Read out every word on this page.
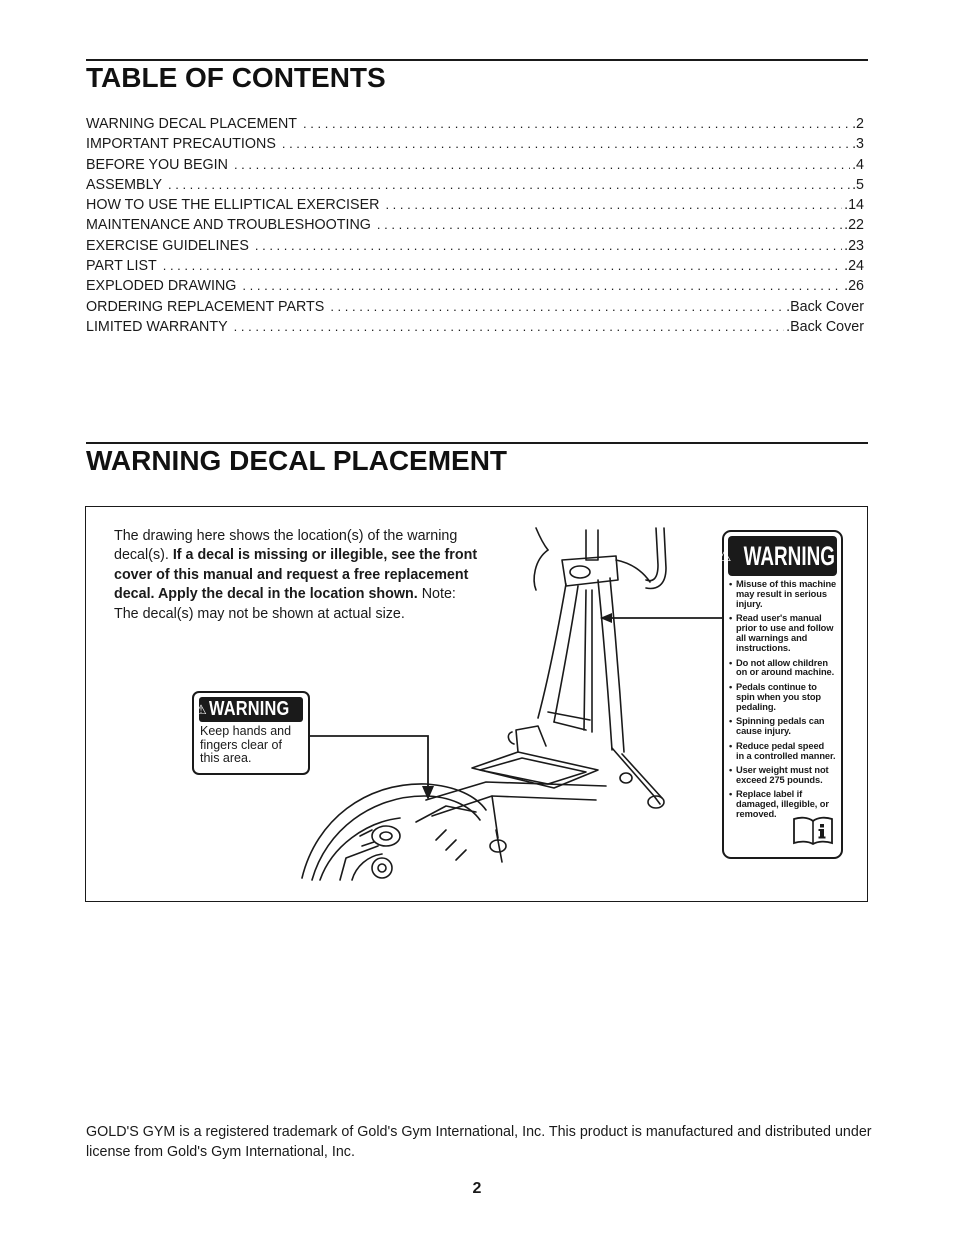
TABLE OF CONTENTS
WARNING DECAL PLACEMENT . . .	.2
IMPORTANT PRECAUTIONS . . .	.3
BEFORE YOU BEGIN . . .	.4
ASSEMBLY . . .	.5
HOW TO USE THE ELLIPTICAL EXERCISER . . .	.14
MAINTENANCE AND TROUBLESHOOTING . . .	.22
EXERCISE GUIDELINES . . .	.23
PART LIST . . .	.24
EXPLODED DRAWING . . .	.26
ORDERING REPLACEMENT PARTS . . .	.Back Cover
LIMITED WARRANTY . . .	.Back Cover
WARNING DECAL PLACEMENT

The drawing here shows the location(s) of the warning decal(s). If a decal is missing or illegible, see the front cover of this manual and request a free replacement decal. Apply the decal in the location shown. Note: The decal(s) may not be shown at actual size.

⚠ WARNING
Keep hands and
fingers clear of
this area.
⚠ WARNING
• Misuse of this machine
may result in serious
injury.
• Read user's manual
prior to use and follow
all warnings and
instructions.
• Do not allow children
on or around machine.
• Pedals continue to
spin when you stop
pedaling.
• Spinning pedals can
cause injury.
• Reduce pedal speed
in a controlled manner.
• User weight must not
exceed 275 pounds.
• Replace label if
damaged, illegible, or
removed.

GOLD'S GYM is a registered trademark of Gold's Gym International, Inc. This product is manufactured and distributed under license from Gold's Gym International, Inc.

2
